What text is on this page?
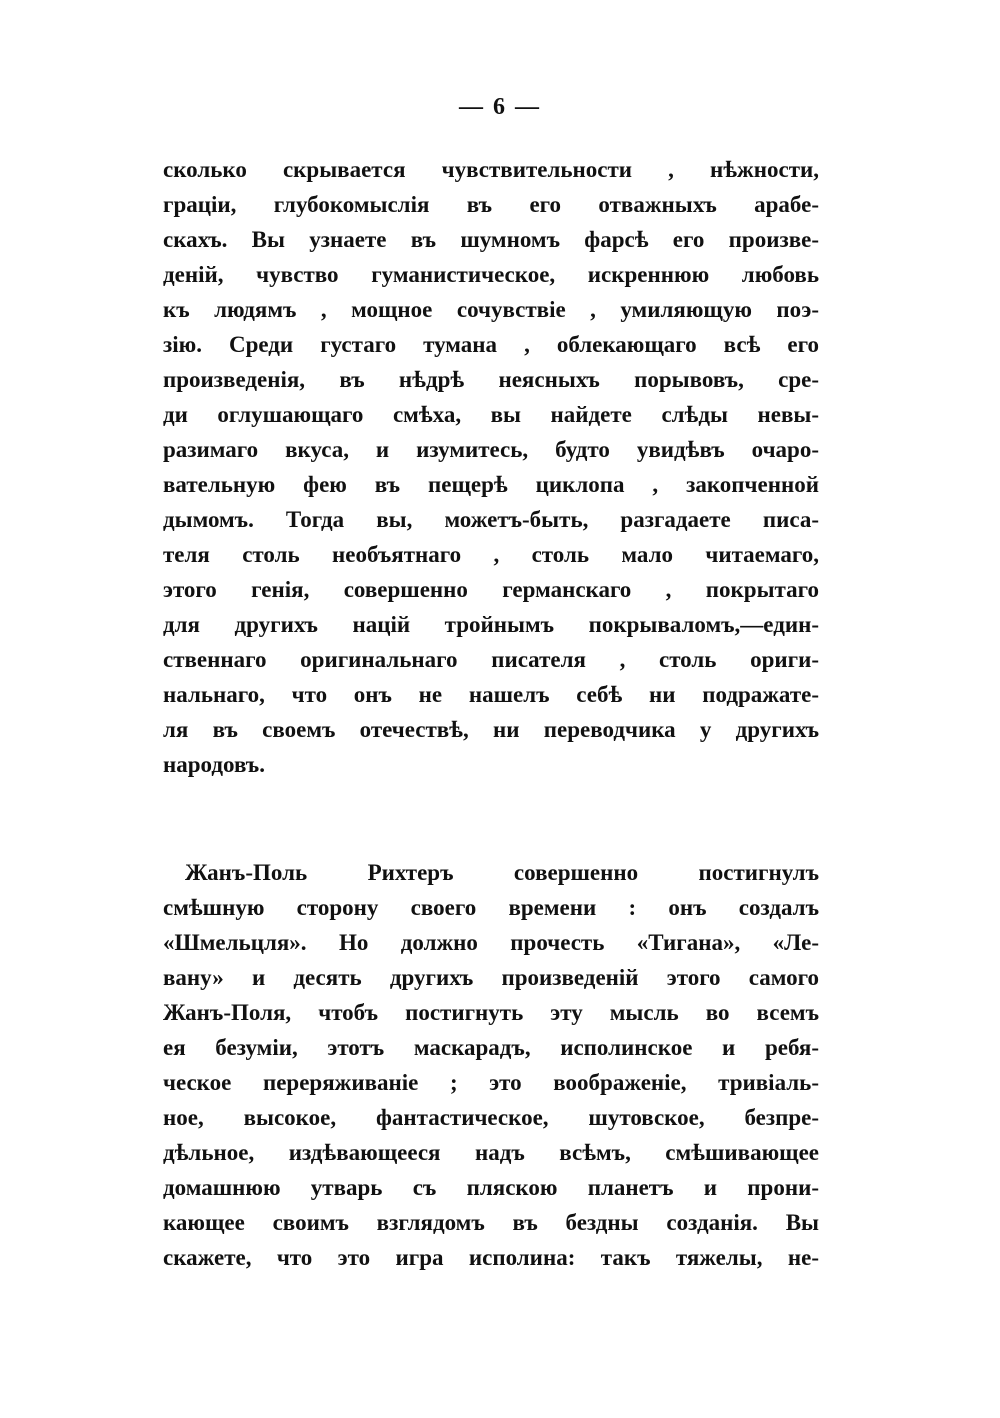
— 6 —
сколько скрывается чувствительности , нѣжности,
граціи, глубокомыслія въ его отважныхъ арабе-
скахъ. Вы узнаете въ шумномъ фарсѣ его произве-
деній, чувство гуманистическое, искреннюю любовь
къ людямъ , мощное сочувствіе , умиляющую поэ-
зію. Среди густаго тумана , облекающаго всѣ его
произведенія, въ нѣдрѣ неясныхъ порывовъ, сре-
ди оглушающаго смѣха, вы найдете слѣды невы-
разимаго вкуса, и изумитесь, будто увидѣвъ очаро-
вательную фею въ пещерѣ циклопа , закопченной
дымомъ. Тогда вы, можетъ-быть, разгадаете писа-
теля столь необъятнаго , столь мало читаемаго,
этого генія, совершенно германскаго , покрытаго
для другихъ націй тройнымъ покрываломъ,—един-
ственнаго оригинальнаго писателя , столь ориги-
нальнаго, что онъ не нашелъ себѣ ни подражате-
ля въ своемъ отечествѣ, ни переводчика у другихъ
народовъ.
Жанъ-Поль Рихтеръ совершенно постигнулъ
смѣшную сторону своего времени : онъ создалъ
«Шмельцля». Но должно прочесть «Тигана», «Ле-
вану» и десять другихъ произведеній этого самого
Жанъ-Поля, чтобъ постигнуть эту мысль во всемъ
ея безуміи, этотъ маскарадъ, исполинское и ребя-
ческое переряживаніе ; это воображеніе, тривіаль-
ное, высокое, фантастическое, шутовское, безпре-
дѣльное, издѣвающееся надъ всѣмъ, смѣшивающее
домашнюю утварь съ пляскою планетъ и прони-
кающее своимъ взглядомъ въ бездны созданія. Вы
скажете, что это игра исполина: такъ тяжелы, не-
